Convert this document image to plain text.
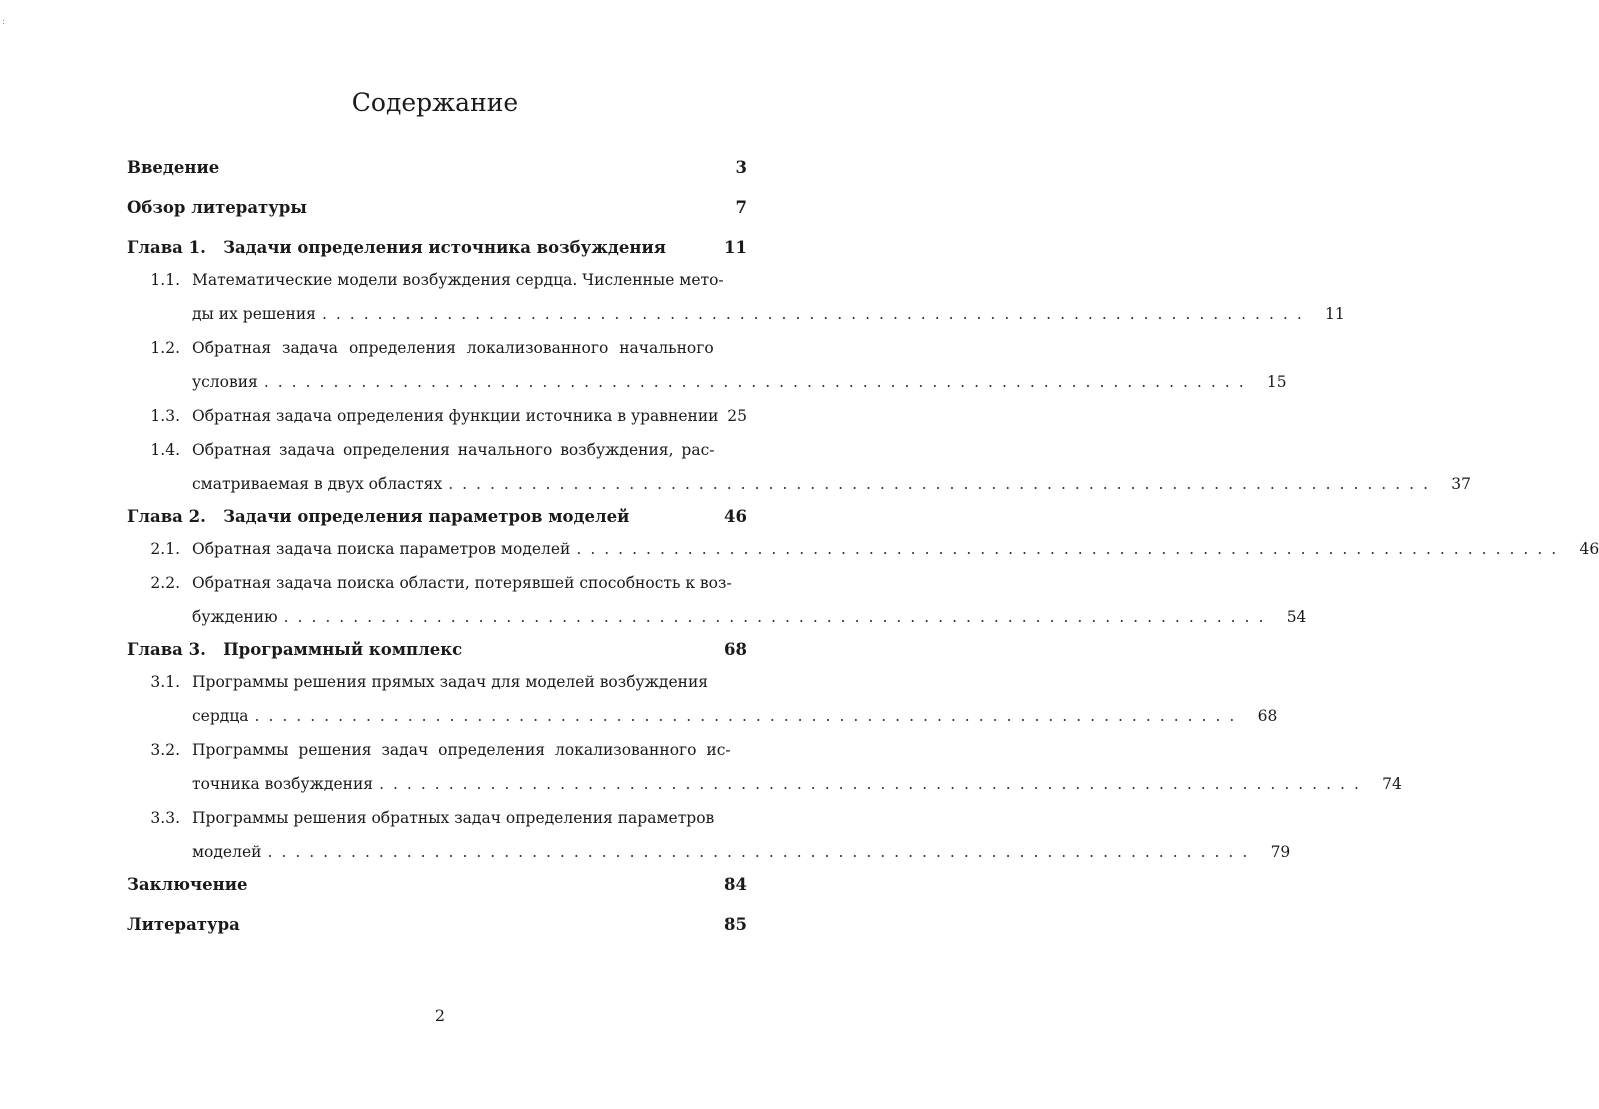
:
Содержание
Введение	3
Обзор литературы	7
Глава 1.   Задачи определения источника возбуждения	11
1.1. Математические модели возбуждения сердца. Численные мето-
ды их решения ....................................................................... 11
1.2. Обратная задача определения локализованного начального
условия ....................................................................... 15
1.3. Обратная задача определения функции источника в уравнении 25
1.4. Обратная задача определения начального возбуждения, рас-
сматриваемая в двух областях ....................................................................... 37
Глава 2.   Задачи определения параметров моделей	46
2.1. Обратная задача поиска параметров моделей ....................................................................... 46
2.2. Обратная задача поиска области, потерявшей способность к воз-
буждению ....................................................................... 54
Глава 3.   Программный комплекс	68
3.1. Программы решения прямых задач для моделей возбуждения
сердца ....................................................................... 68
3.2. Программы решения задач определения локализованного ис-
точника возбуждения ....................................................................... 74
3.3. Программы решения обратных задач определения параметров
моделей ....................................................................... 79
Заключение	84
Литература	85
2
